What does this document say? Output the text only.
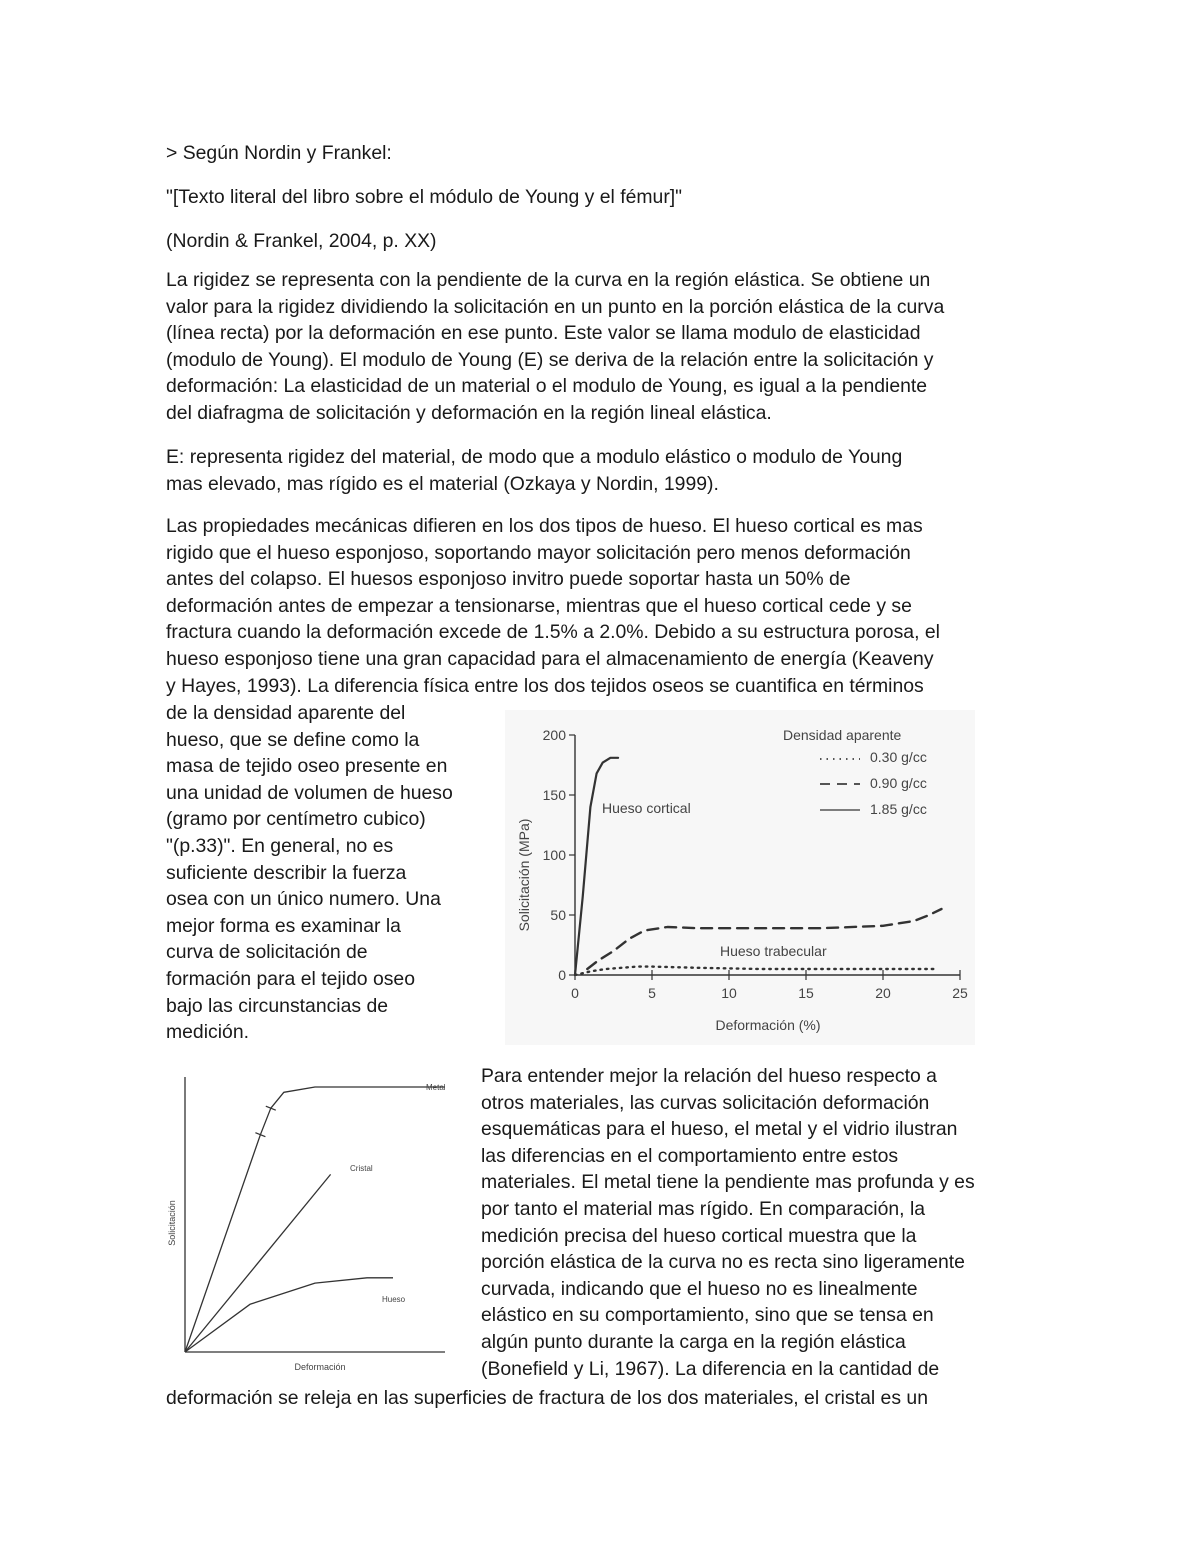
> Según Nordin y Frankel:

"[Texto literal del libro sobre el módulo de Young y el fémur]"

(Nordin & Frankel, 2004, p. XX)

La rigidez se representa con la pendiente de la curva en la región elástica. Se obtiene un
valor para la rigidez dividiendo la solicitación en un punto en la porción elástica de la curva
(línea recta) por la deformación en ese punto. Este valor se llama modulo de elasticidad
(modulo de Young). El modulo de Young (E) se deriva de la relación entre la solicitación y
deformación: La elasticidad de un material o el modulo de Young, es igual a la pendiente
del diafragma de solicitación y deformación en la región lineal elástica.
E: representa rigidez del material, de modo que a modulo elástico o modulo de Young
mas elevado, mas rígido es el material (Ozkaya y Nordin, 1999).
Las propiedades mecánicas difieren en los dos tipos de hueso. El hueso cortical es mas
rigido que el hueso esponjoso, soportando mayor solicitación pero menos deformación
antes del colapso. El huesos esponjoso invitro puede soportar hasta un 50% de
deformación antes de empezar a tensionarse, mientras que el hueso cortical cede y se
fractura cuando la deformación excede de 1.5% a 2.0%. Debido a su estructura porosa, el
hueso esponjoso tiene una gran capacidad para el almacenamiento de energía (Keaveny
y Hayes, 1993). La diferencia física entre los dos tejidos oseos se cuantifica en términos
de la densidad aparente del
hueso, que se define como la
masa de tejido oseo presente en
una unidad de volumen de hueso
(gramo por centímetro cubico)
"(p.33)". En general, no es
suficiente describir la fuerza
osea con un único numero. Una
mejor forma es examinar la
curva de solicitación de
formación para el tejido oseo
bajo las circunstancias de
medición.
0	5	10	15	20	25
0
50
100
150
200
Deformación (%)
Solicitación (MPa)
Hueso cortical
Hueso trabecular
Densidad aparente
0.30 g/cc
0.90 g/cc
1.85 g/cc
Deformación
Solicitación
Metal
Cristal
Hueso
Para entender mejor la relación del hueso respecto a
otros materiales, las curvas solicitación deformación
esquemáticas para el hueso, el metal y el vidrio ilustran
las diferencias en el comportamiento entre estos
materiales. El metal tiene la pendiente mas profunda y es
por tanto el material mas rígido. En comparación, la
medición precisa del hueso cortical muestra que la
porción elástica de la curva no es recta sino ligeramente
curvada, indicando que el hueso no es linealmente
elástico en su comportamiento, sino que se tensa en
algún punto durante la carga en la región elástica
(Bonefield y Li, 1967). La diferencia en la cantidad de

deformación se releja en las superficies de fractura de los dos materiales, el cristal es un
